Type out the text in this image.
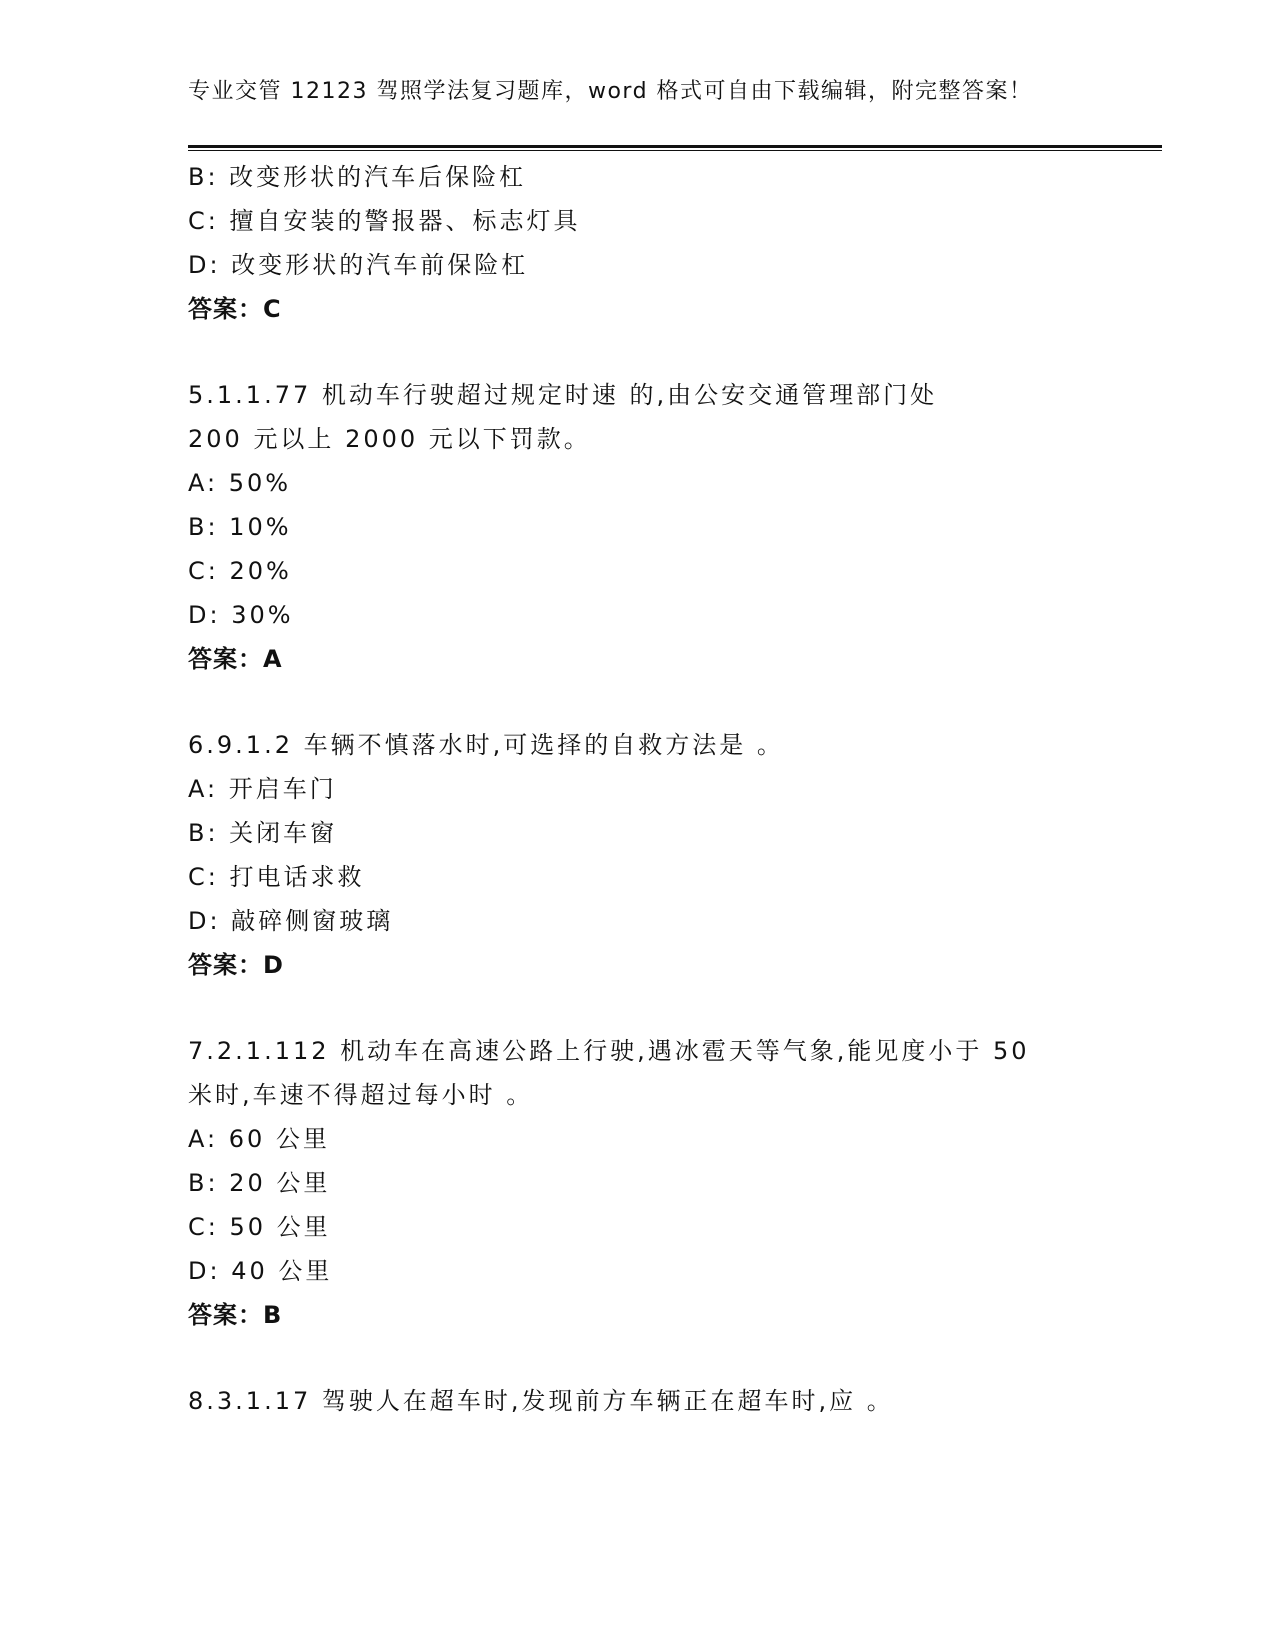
专业交管 12123 驾照学法复习题库，word 格式可自由下载编辑，附完整答案！
B: 改变形状的汽车后保险杠
C: 擅自安装的警报器、标志灯具
D: 改变形状的汽车前保险杠
答案：C
5.1.1.77 机动车行驶超过规定时速 的,由公安交通管理部门处
200 元以上 2000 元以下罚款。
A: 50%
B: 10%
C: 20%
D: 30%
答案：A
6.9.1.2 车辆不慎落水时,可选择的自救方法是 。
A: 开启车门
B: 关闭车窗
C: 打电话求救
D: 敲碎侧窗玻璃
答案：D
7.2.1.112 机动车在高速公路上行驶,遇冰雹天等气象,能见度小于 50
米时,车速不得超过每小时 。
A: 60 公里
B: 20 公里
C: 50 公里
D: 40 公里
答案：B
8.3.1.17 驾驶人在超车时,发现前方车辆正在超车时,应 。
